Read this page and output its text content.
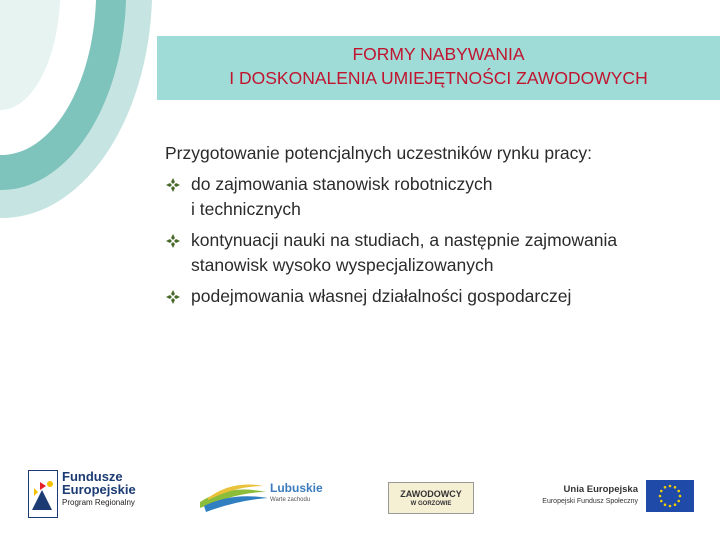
FORMY NABYWANIA
I DOSKONALENIA UMIEJĘTNOŚCI ZAWODOWYCH
Przygotowanie potencjalnych uczestników rynku pracy:
do zajmowania stanowisk robotniczych
i technicznych
kontynuacji nauki na studiach, a następnie zajmowania
stanowisk wysoko wyspecjalizowanych
podejmowania własnej działalności gospodarczej
Fundusze
Europejskie
Program Regionalny
Lubuskie
Warte zachodu
ZAWODOWCY
W GORZOWIE
Unia Europejska
Europejski Fundusz Społeczny
